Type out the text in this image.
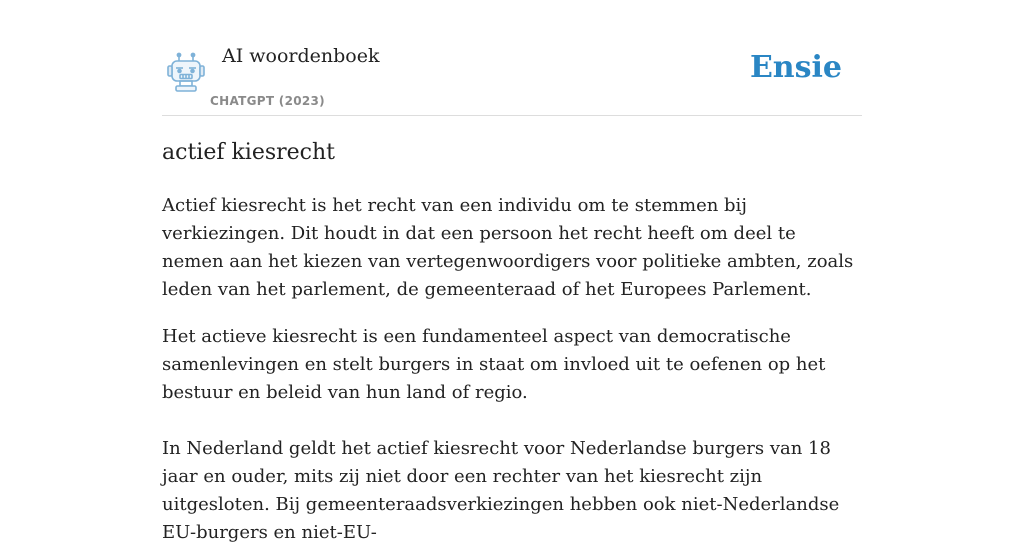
AI woordenboek
CHATGPT (2023)
Ensie
actief kiesrecht

Actief kiesrecht is het recht van een individu om te stemmen bij verkiezingen. Dit houdt in dat een persoon het recht heeft om deel te nemen aan het kiezen van vertegenwoordigers voor politieke ambten, zoals leden van het parlement, de gemeenteraad of het Europees Parlement.

Het actieve kiesrecht is een fundamenteel aspect van democratische samenlevingen en stelt burgers in staat om invloed uit te oefenen op het bestuur en beleid van hun land of regio.

In Nederland geldt het actief kiesrecht voor Nederlandse burgers van 18 jaar en ouder, mits zij niet door een rechter van het kiesrecht zijn uitgesloten. Bij gemeenteraadsverkiezingen hebben ook niet-Nederlandse EU-burgers en niet-EU-
